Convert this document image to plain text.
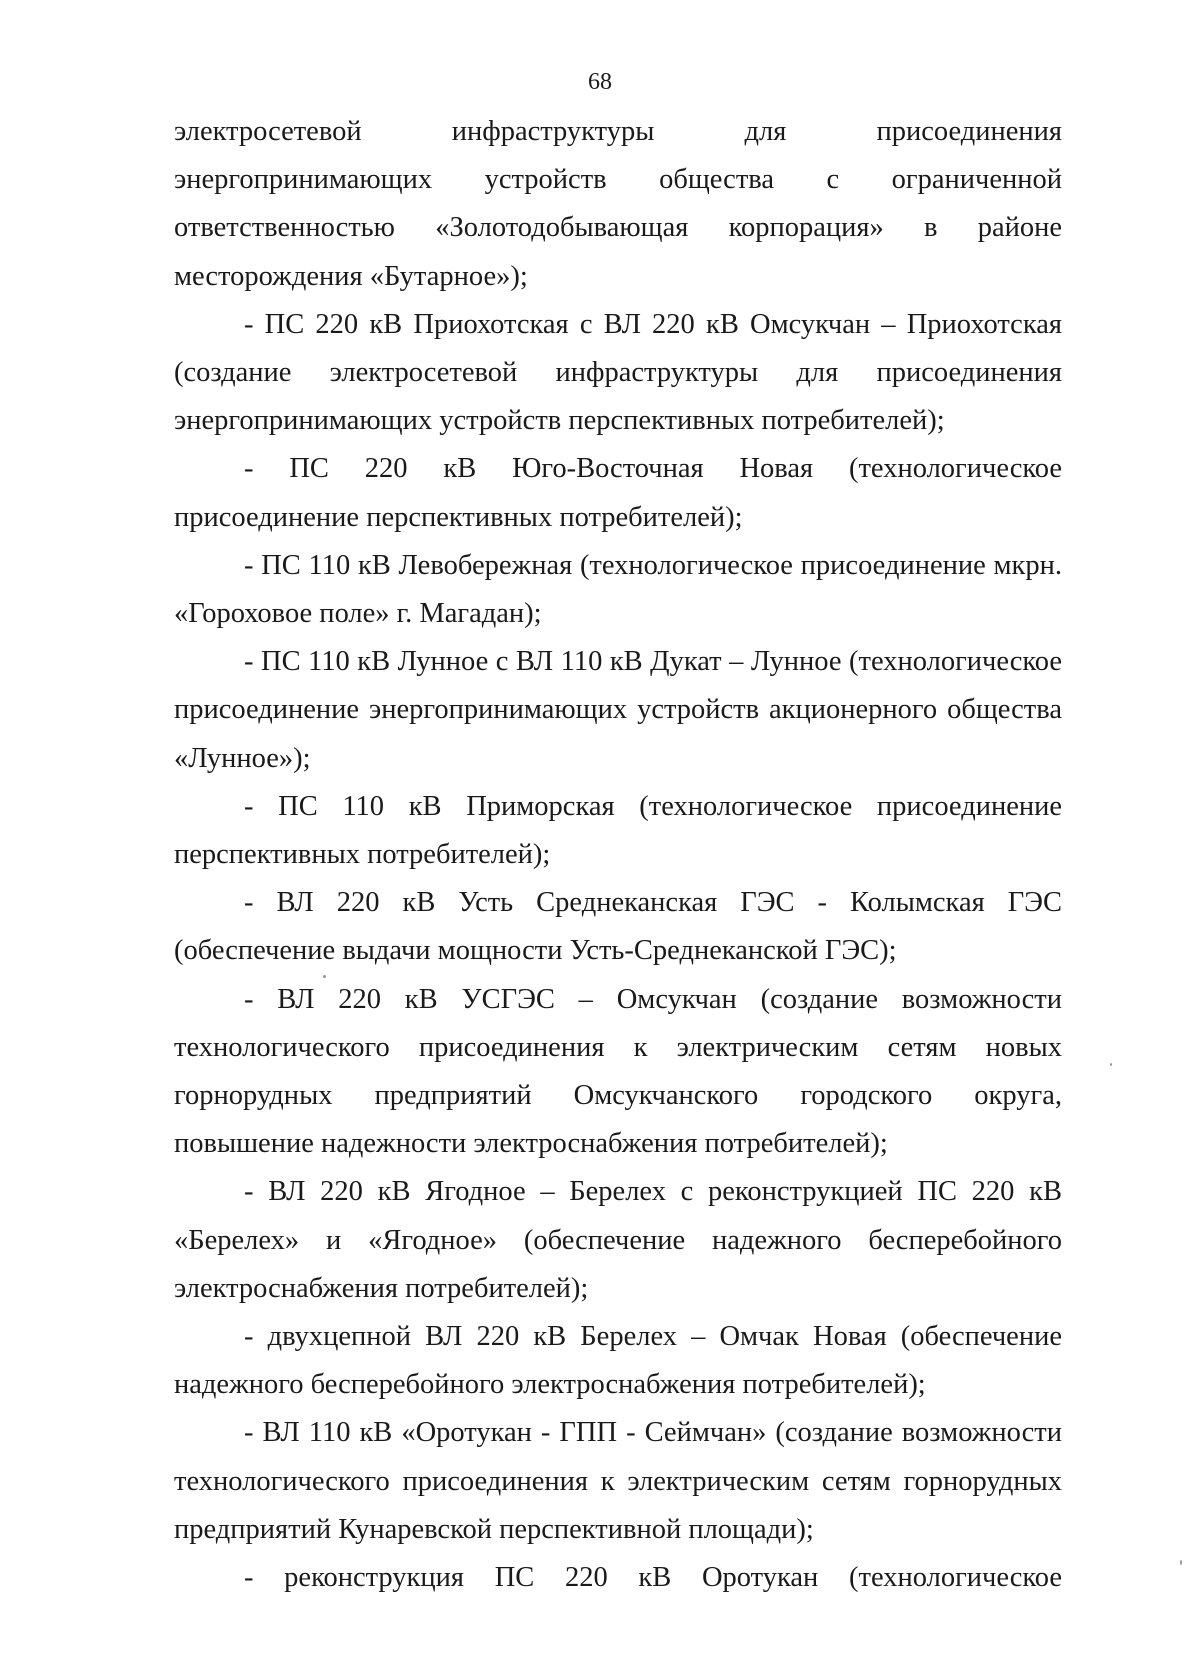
68

электросетевой инфраструктуры для присоединения энергопринимающих устройств общества с ограниченной ответственностью «Золотодобывающая корпорация» в районе месторождения «Бутарное»);

- ПС 220 кВ Приохотская с ВЛ 220 кВ Омсукчан – Приохотская (создание электросетевой инфраструктуры для присоединения энергопринимающих устройств перспективных потребителей);

- ПС 220 кВ Юго-Восточная Новая (технологическое присоединение перспективных потребителей);

- ПС 110 кВ Левобережная (технологическое присоединение мкрн. «Гороховое поле» г. Магадан);

- ПС 110 кВ Лунное с ВЛ 110 кВ Дукат – Лунное (технологическое присоединение энергопринимающих устройств акционерного общества «Лунное»);

- ПС 110 кВ Приморская (технологическое присоединение перспективных потребителей);

- ВЛ 220 кВ Усть Среднеканская ГЭС - Колымская ГЭС (обеспечение выдачи мощности Усть-Среднеканской ГЭС);

- ВЛ 220 кВ УСГЭС – Омсукчан (создание возможности технологического присоединения к электрическим сетям новых горнорудных предприятий Омсукчанского городского округа, повышение надежности электроснабжения потребителей);

- ВЛ 220 кВ Ягодное – Берелех с реконструкцией ПС 220 кВ «Берелех» и «Ягодное» (обеспечение надежного бесперебойного электроснабжения потребителей);

- двухцепной ВЛ 220 кВ Берелех – Омчак Новая (обеспечение надежного бесперебойного электроснабжения потребителей);

- ВЛ 110 кВ «Оротукан - ГПП - Сеймчан» (создание возможности технологического присоединения к электрическим сетям горнорудных предприятий Кунаревской перспективной площади);

- реконструкция ПС 220 кВ Оротукан (технологическое
